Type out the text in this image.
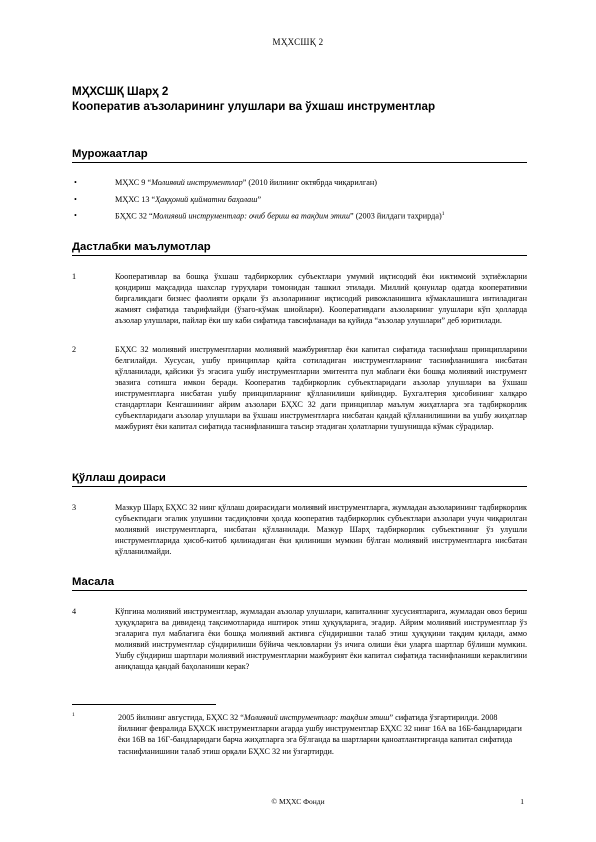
МҲХСШҚ 2
МҲХСШҚ Шарҳ 2
Кооператив аъзоларининг улушлари ва ўхшаш инструментлар
Мурожаатлар
•	МҲХС 9 “Молиявий инструментлар” (2010 йилнинг октябрда чиқарилган)
•	МҲХС 13 “Ҳаққоний қийматни баҳолаш”
•	БҲХС 32 “Молиявий инструментлар: очиб бериш ва тақдим этиш” (2003 йилдаги таҳрирда)$^1$
Дастлабки маълумотлар
1	Кооперативлар ва бошқа ўхшаш тадбиркорлик субъектлари умумий иқтисодий ёки ижтимоий эҳтиёжларни қондириш мақсадида шахслар гуруҳлари томонидан ташкил этилади. Миллий қонунлар одатда кооперативни биргаликдаги бизнес фаолияти орқали ўз аъзоларининг иқтисодий ривожланишига кўмаклашишга интиладиган жамият сифатида таърифлайди (ўзаго-кўмак шиойлари). Кооперативдаги аъзоларнинг улушлари кўп ҳолларда аъзолар улушлари, пайлар ёки шу каби сифатида тавсифланади ва қуйида “аъзолар улушлари” деб юритилади.
2	БҲХС 32 молиявий инструментларни молиявий мажбуриятлар ёки капитал сифатида таснифлаш принципларини белгилайди. Хусусан, ушбу принциплар қайта сотиладиган инструментларнинг таснифланишига нисбатан қўлланилади, қайсики ўз эгасига ушбу инструментларни эмитентга пул маблағи ёки бошқа молиявий инструмент эвазига сотишга имкон беради. Кооператив тадбиркорлик субъектларидаги аъзолар улушлари ва ўхшаш инструментларга нисбатан ушбу принципларнинг қўлланилиши қийиндир. Бухгалтерия ҳисобининг халқаро стандартлари Кенгашининг айрим аъзолари БҲХС 32 даги принциплар маълум жиҳатларга эга тадбиркорлик субъектларидаги аъзолар улушлари ва ўхшаш инструментларга нисбатан қандай қўлланилишини ва ушбу жиҳатлар мажбурият ёки капитал сифатида таснифланишга таъсир этадиган ҳолатларни тушунишда кўмак сўрадилар.
Қўллаш доираси
3	Мазкур Шарҳ БҲХС 32 нинг қўллаш доирасидаги молиявий инструментларга, жумладан аъзоларининг тадбиркорлик субъектидаги эгалик улушини тасдиқловчи ҳолда кооператив тадбиркорлик субъектлари аъзолари учун чиқарилган молиявий инструментларга, нисбатан қўлланилади. Мазкур Шарҳ тадбиркорлик субъектининг ўз улушли инструментларида ҳисоб-китоб қилинадиган ёки қилиниши мумкин бўлган молиявий инструментларга нисбатан қўлланилмайди.
Масала
4	Кўпгина молиявий инструментлар, жумладан аъзолар улушлари, капиталнинг хусусиятларига, жумладан овоз бериш ҳуқуқларига ва дивиденд тақсимотларида иштирок этиш ҳуқуқларига, эгадир. Айрим молиявий инструментлар ўз эгаларига пул маблағига ёки бошқа молиявий активга сўндиришни талаб этиш ҳуқуқини тақдим қилади, аммо молиявий инструментлар сўндирилиши бўйича чекловларни ўз ичига олиши ёки уларга шартлар бўлиши мумкин. Ушбу сўндириш шартлари молиявий инструментларни мажбурият ёки капитал сифатида таснифланиши кераклигини аниқлашда қандай баҳоланиши керак?
1	2005 йилнинг августида, БҲХС 32 “Молиявий инструментлар: тақдим этиш” сифатида ўзгартирилди. 2008 йилнинг февралида БҲХСК инструментларни агарда ушбу инструментлар БҲХС 32 нинг 16А ва 16Б-бандларидаги ёки 16В ва 16Г-бандларидаги барча жиҳатларга эга бўлганда ва шартларни қаноатлантирганда капитал сифатида таснифланишини талаб этиш орқали БҲХС 32 ни ўзгартирди.
© МҲХС Фонди	1
